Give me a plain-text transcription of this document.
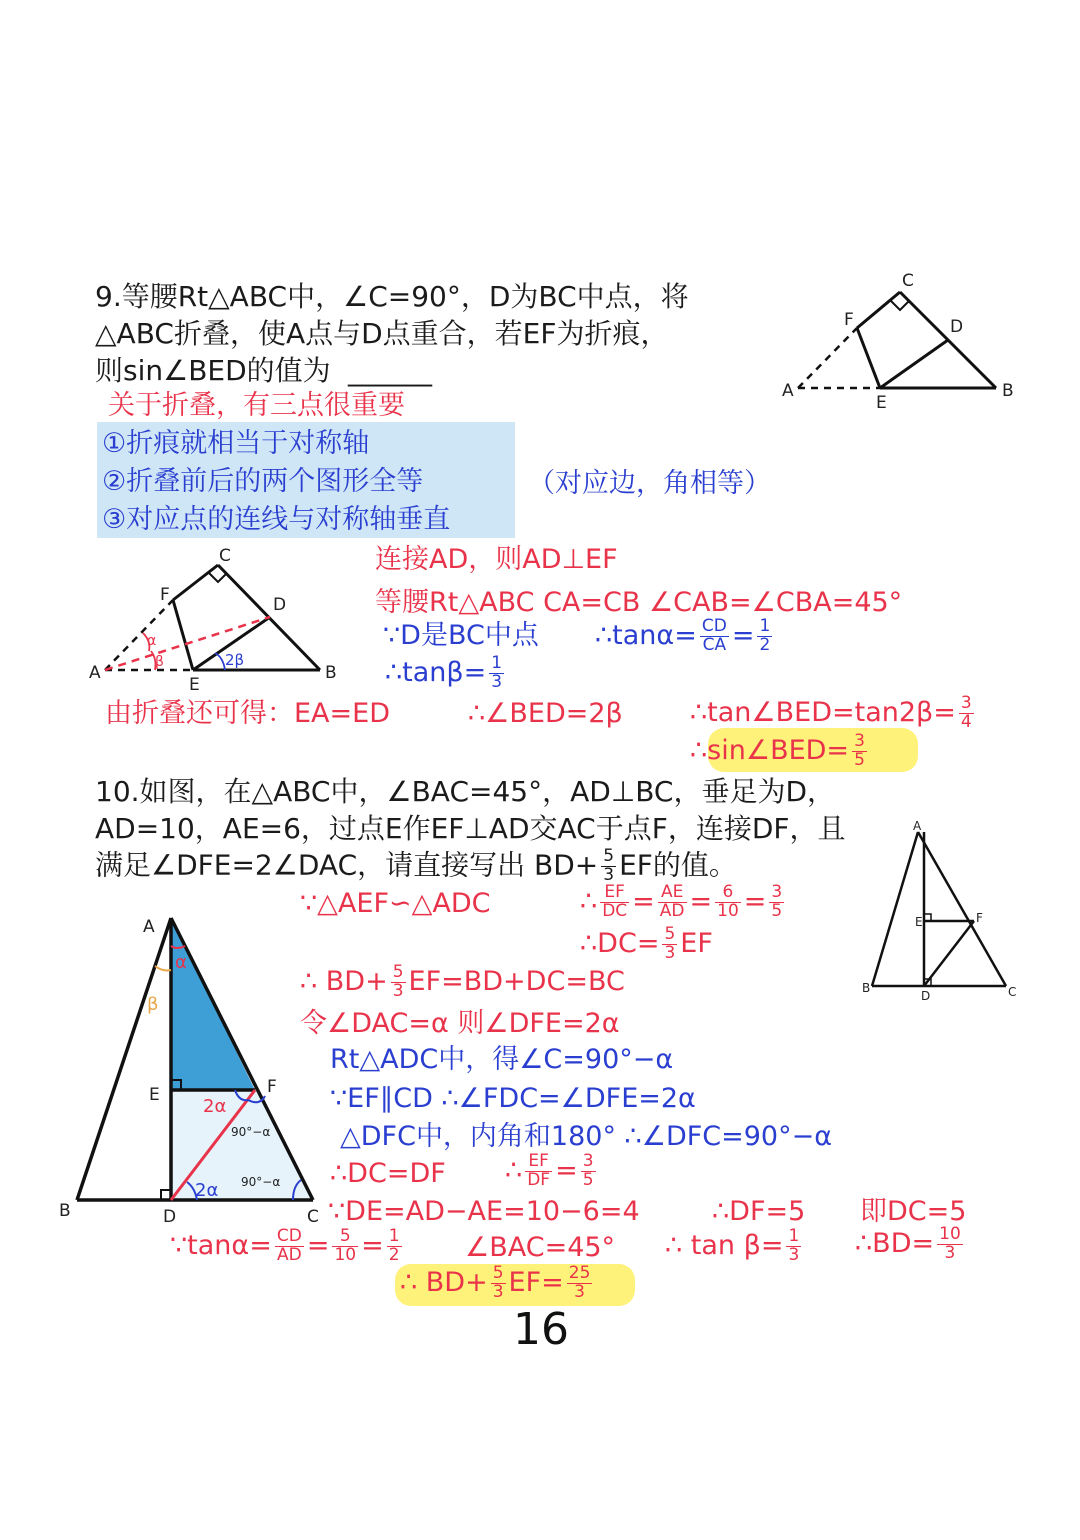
9.等腰Rt△ABC中，∠C=90°，D为BC中点，将
△ABC折叠，使A点与D点重合，若EF为折痕，
则sin∠BED的值为 ______
关于折叠，有三点很重要
①折痕就相当于对称轴
②折叠前后的两个图形全等
③对应点的连线与对称轴垂直
（对应边，角相等）
连接AD，则AD⊥EF
等腰Rt△ABC CA=CB ∠CAB=∠CBA=45°
∵D是BC中点 ∴tanα= $\frac{CD}{CA} = \frac{1}{2}$
∴tanβ= $\frac{1}{3}$
由折叠还可得：EA=ED	∴∠BED=2β ∴tan∠BED=tan2β= $\frac{3}{4}$
∴sin∠BED= $\frac{3}{5}$
A	B
C
D
E
F
α
β	2β
A	B
C
D
E
F
10.如图，在△ABC中，∠BAC=45°，AD⊥BC，垂足为D，
AD=10，AE=6，过点E作EF⊥AD交AC于点F，连接DF，且
满足∠DFE=2∠DAC，请直接写出 $BD+ \frac{5}{3}$ EF的值。
∵△AEF∽△ADC	∴ $\frac{EF}{DC} = \frac{AE}{AD} = \frac{6}{10} = \frac{3}{5}$
∴DC= $\frac{5}{3}$ EF
∴ $BD+ \frac{5}{3} EF=BD+DC=BC$
令∠DAC=α 则∠DFE=2α
Rt△ADC中，得∠C=90°−α
∵EF∥CD ∴∠FDC=∠DFE=2α
△DFC中，内角和180° ∴∠DFC=90°−α
∴DC=DF ∴ $\frac{EF}{DF} = \frac{3}{5}$
∵DE=AD−AE=10−6=4	∴DF=5 即DC=5
∵tanα= $\frac{CD}{AD} = \frac{5}{10} = \frac{1}{2}$ ∠BAC=45° ∴ $\tan \beta= \frac{1}{3}$ ∴BD= $\frac{10}{3}$
∴ $BD+ \frac{5}{3} EF= \frac{25}{3}$
A
B	C
D
E	F
α
β
2α
90°−α
2α 90°−α
A
B	C
D
E	F
16
